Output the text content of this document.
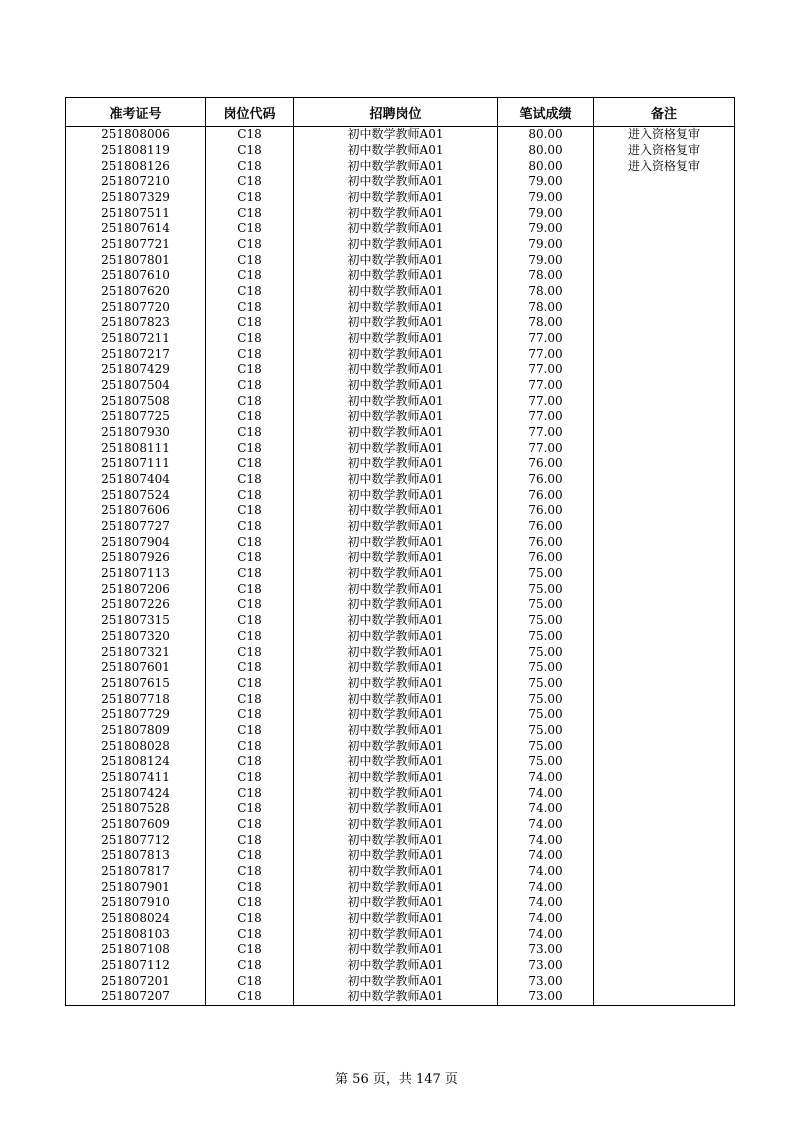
准考证号	岗位代码	招聘岗位	笔试成绩	备注
251808006	C18	初中数学教师A01	80.00	进入资格复审
251808119	C18	初中数学教师A01	80.00	进入资格复审
251808126	C18	初中数学教师A01	80.00	进入资格复审
251807210	C18	初中数学教师A01	79.00	
251807329	C18	初中数学教师A01	79.00	
251807511	C18	初中数学教师A01	79.00	
251807614	C18	初中数学教师A01	79.00	
251807721	C18	初中数学教师A01	79.00	
251807801	C18	初中数学教师A01	79.00	
251807610	C18	初中数学教师A01	78.00	
251807620	C18	初中数学教师A01	78.00	
251807720	C18	初中数学教师A01	78.00	
251807823	C18	初中数学教师A01	78.00	
251807211	C18	初中数学教师A01	77.00	
251807217	C18	初中数学教师A01	77.00	
251807429	C18	初中数学教师A01	77.00	
251807504	C18	初中数学教师A01	77.00	
251807508	C18	初中数学教师A01	77.00	
251807725	C18	初中数学教师A01	77.00	
251807930	C18	初中数学教师A01	77.00	
251808111	C18	初中数学教师A01	77.00	
251807111	C18	初中数学教师A01	76.00	
251807404	C18	初中数学教师A01	76.00	
251807524	C18	初中数学教师A01	76.00	
251807606	C18	初中数学教师A01	76.00	
251807727	C18	初中数学教师A01	76.00	
251807904	C18	初中数学教师A01	76.00	
251807926	C18	初中数学教师A01	76.00	
251807113	C18	初中数学教师A01	75.00	
251807206	C18	初中数学教师A01	75.00	
251807226	C18	初中数学教师A01	75.00	
251807315	C18	初中数学教师A01	75.00	
251807320	C18	初中数学教师A01	75.00	
251807321	C18	初中数学教师A01	75.00	
251807601	C18	初中数学教师A01	75.00	
251807615	C18	初中数学教师A01	75.00	
251807718	C18	初中数学教师A01	75.00	
251807729	C18	初中数学教师A01	75.00	
251807809	C18	初中数学教师A01	75.00	
251808028	C18	初中数学教师A01	75.00	
251808124	C18	初中数学教师A01	75.00	
251807411	C18	初中数学教师A01	74.00	
251807424	C18	初中数学教师A01	74.00	
251807528	C18	初中数学教师A01	74.00	
251807609	C18	初中数学教师A01	74.00	
251807712	C18	初中数学教师A01	74.00	
251807813	C18	初中数学教师A01	74.00	
251807817	C18	初中数学教师A01	74.00	
251807901	C18	初中数学教师A01	74.00	
251807910	C18	初中数学教师A01	74.00	
251808024	C18	初中数学教师A01	74.00	
251808103	C18	初中数学教师A01	74.00	
251807108	C18	初中数学教师A01	73.00	
251807112	C18	初中数学教师A01	73.00	
251807201	C18	初中数学教师A01	73.00	
251807207	C18	初中数学教师A01	73.00	
第 56 页，共 147 页
